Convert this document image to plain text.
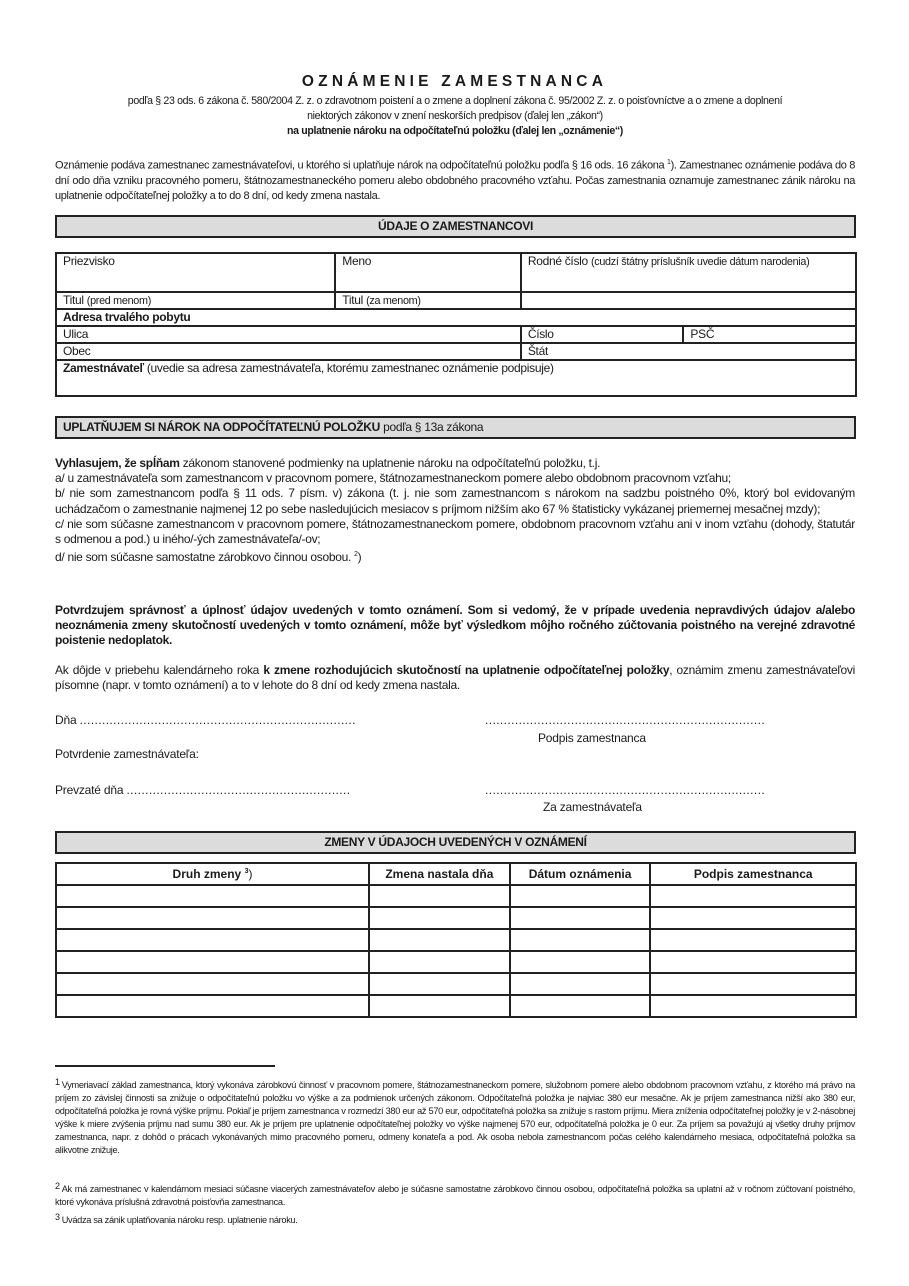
OZNÁMENIE ZAMESTNANCA
podľa § 23 ods. 6 zákona č. 580/2004 Z. z. o zdravotnom poistení a o zmene a doplnení zákona č. 95/2002 Z. z. o poisťovníctve a o zmene a doplnení
niektorých zákonov v znení neskorších predpisov (ďalej len „zákon“)
na uplatnenie nároku na odpočítateľnú položku (ďalej len „oznámenie“)
Oznámenie podáva zamestnanec zamestnávateľovi, u ktorého si uplatňuje nárok na odpočítateľnú položku podľa § 16 ods. 16 zákona $^1$). Zamestnanec oznámenie podáva do 8 dní odo dňa vzniku pracovného pomeru, štátnozamestnaneckého pomeru alebo obdobného pracovného vzťahu. Počas zamestnania oznamuje zamestnanec zánik nároku na uplatnenie odpočítateľnej položky a to do 8 dní, od kedy zmena nastala.
ÚDAJE O ZAMESTNANCOVI
Priezvisko	Meno	Rodné číslo (cudzí štátny príslušník uvedie dátum narodenia)	
Titul (pred menom)	Titul (za menom)		
Adresa trvalého pobytu			
Ulica		Číslo	PSČ
Obec		Štát	
Zamestnávateľ (uvedie sa adresa zamestnávateľa, ktorému zamestnanec oznámenie podpisuje)			
UPLATŇUJEM SI NÁROK NA ODPOČÍTATEĽNÚ POLOŽKU podľa § 13a zákona
Vyhlasujem, že spĺňam zákonom stanovené podmienky na uplatnenie nároku na odpočítateľnú položku, t.j.
a/ u zamestnávateľa som zamestnancom v pracovnom pomere, štátnozamestnaneckom pomere alebo obdobnom pracovnom vzťahu;
b/ nie som zamestnancom podľa § 11 ods. 7 písm. v) zákona (t. j. nie som zamestnancom s nárokom na sadzbu poistného 0%, ktorý bol evidovaným uchádzačom o zamestnanie najmenej 12 po sebe nasledujúcich mesiacov s príjmom nižším ako 67 % štatisticky vykázanej priemernej mesačnej mzdy);
c/ nie som súčasne zamestnancom v pracovnom pomere, štátnozamestnaneckom pomere, obdobnom pracovnom vzťahu ani v inom vzťahu (dohody, štatutár s odmenou a pod.) u iného/-ých zamestnávateľa/-ov;
d/ nie som súčasne samostatne zárobkovo činnou osobou. $^2$)
Potvrdzujem správnosť a úplnosť údajov uvedených v tomto oznámení. Som si vedomý, že v prípade uvedenia nepravdivých údajov a/alebo neoznámenia zmeny skutočností uvedených v tomto oznámení, môže byť výsledkom môjho ročného zúčtovania poistného na verejné zdravotné poistenie nedoplatok.
Ak dôjde v priebehu kalendárneho roka k zmene rozhodujúcich skutočností na uplatnenie odpočítateľnej položky, oznámim zmenu zamestnávateľovi písomne (napr. v tomto oznámení) a to v lehote do 8 dní od kedy zmena nastala.
Dňa ..........................................................................	...........................................................................
Podpis zamestnanca
Potvrdenie zamestnávateľa:
Prevzaté dňa ............................................................	...........................................................................
Za zamestnávateľa
ZMENY V ÚDAJOCH UVEDENÝCH V OZNÁMENÍ
Druh zmeny $^3$)	Zmena nastala dňa	Dátum oznámenia	Podpis zamestnanca

1 Vymeriavací základ zamestnanca, ktorý vykonáva zárobkovú činnosť v pracovnom pomere, štátnozamestnaneckom pomere, služobnom pomere alebo obdobnom pracovnom vzťahu, z ktorého má právo na príjem zo závislej činnosti sa znižuje o odpočítateľnú položku vo výške a za podmienok určených zákonom. Odpočítateľná položka je najviac 380 eur mesačne. Ak je príjem zamestnanca nižší ako 380 eur, odpočítateľná položka je rovná výške príjmu. Pokiaľ je príjem zamestnanca v rozmedzí 380 eur až 570 eur, odpočítateľná položka sa znižuje s rastom príjmu. Miera zníženia odpočítateľnej položky je v 2-násobnej výške k miere zvýšenia príjmu nad sumu 380 eur. Ak je príjem pre uplatnenie odpočítateľnej položky vo výške najmenej 570 eur, odpočítateľná položka je 0 eur. Za príjem sa považujú aj všetky druhy príjmov zamestnanca, napr. z dohôd o prácach vykonávaných mimo pracovného pomeru, odmeny konateľa a pod. Ak osoba nebola zamestnancom počas celého kalendárneho mesiaca, odpočítateľná položka sa alikvotne znižuje.
2 Ak má zamestnanec v kalendárnom mesiaci súčasne viacerých zamestnávateľov alebo je súčasne samostatne zárobkovo činnou osobou, odpočítateľná položka sa uplatní až v ročnom zúčtovaní poistného, ktoré vykonáva príslušná zdravotná poisťovňa zamestnanca.
3 Uvádza sa zánik uplatňovania nároku resp. uplatnenie nároku.
